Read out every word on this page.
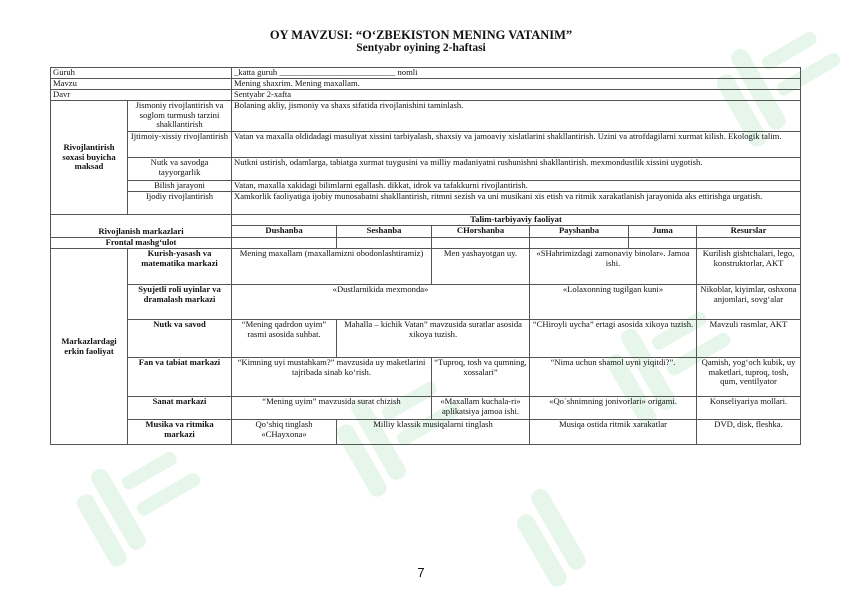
OY MAVZUSI: “O‘ZBEKISTON MENING VATANIM”
Sentyabr oyining 2-haftasi
Guruh		_katta guruh ___________________________ nomli					
Mavzu		Mening shaxrim. Mening maxallam.					
Davr		Sentyabr 2-xafta					
Rivojlantirish soxasi buyicha maksad	Jismoniy rivojlantirish va soglom turmush tarzini shakllantirish	Bolaning akliy, jismoniy va shaxs sifatida rivojlanishini taminlash.					
	Ijtimoiy-xissiy rivojlantirish	Vatan va maxalla oldidadagi masuliyat xissini tarbiyalash, shaxsiy va jamoaviy xislatlarini shakllantirish. Uzini va atrofdagilarni xurmat kilish. Ekologik talim.					
	Nutk va savodga tayyorgarlik	Nutkni ustirish, odamlarga, tabiatga xurmat tuygusini va milliy madaniyatni rushunishni shakllantirish. mexmondustlik xissini uygotish.					
	Bilish jarayoni	Vatan, maxalla xakidagi bilimlarni egallash. dikkat, idrok va tafakkurni rivojlantirish.					
	Ijodiy rivojlantirish	Xamkorlik faoliyatiga ijobiy munosabatni shakllantirish, ritmni sezish va uni musikani xis etish va ritmik xarakatlanish jarayonida aks ettirishga urgatish.					
Rivojlanish markazlari		Talim-tarbiyaviy faoliyat					
		Dushanba	Seshanba	CHorshanba	Payshanba	Juma	Resurslar
Frontal mashg‘ulot							
Markazlardagi erkin faoliyat	Kurish-yasash va matematika markazi	Mening maxallam (maxallamizni obodonlashtiramiz)		Men yashayotgan uy.	«SHahrimizdagi zamonaviy binolar». Jamoa ishi.		Kurilish gishtchalari, lego, konstruktorlar, AKT
	Syujetli roli uyinlar va dramalash markazi	«Dustlarnikida mexmonda»			«Lolaxonning tugilgan kuni»		Nikoblar, kiyimlar, oshxona anjomlari, sovg‘alar
	Nutk va savod	“Mening qadrdon uyim” rasmi asosida suhbat.	Mahalla – kichik Vatan” mavzusida suratlar asosida xikoya tuzish.		“CHiroyli uycha” ertagi asosida xikoya tuzish.		Mavzuli rasmlar, AKT
	Fan va tabiat markazi	“Kimning uyi mustahkam?” mavzusida uy maketlarini tajribada sinab ko‘rish.		“Tuproq, tosh va qumning, xossalari”	“Nima uchun shamol uyni yiqitdi?”.		Qamish, yog‘och kubik, uy maketlari, tuproq, tosh, qum, ventilyator
	Sanat markazi	“Mening uyim” mavzusida surat chizish		«Maxallam kuchala-ri» aplikatsiya jamoa ishi.	«Qo`shnimning jonivorlari» origami.		Konseliyariya mollari.
	Musika va ritmika markazi	Qo‘shiq tinglash «CHayxona»	Milliy klassik musiqalarni tinglash		Musiqa ostida ritmik xarakatlar		DVD, disk, fleshka.
7
